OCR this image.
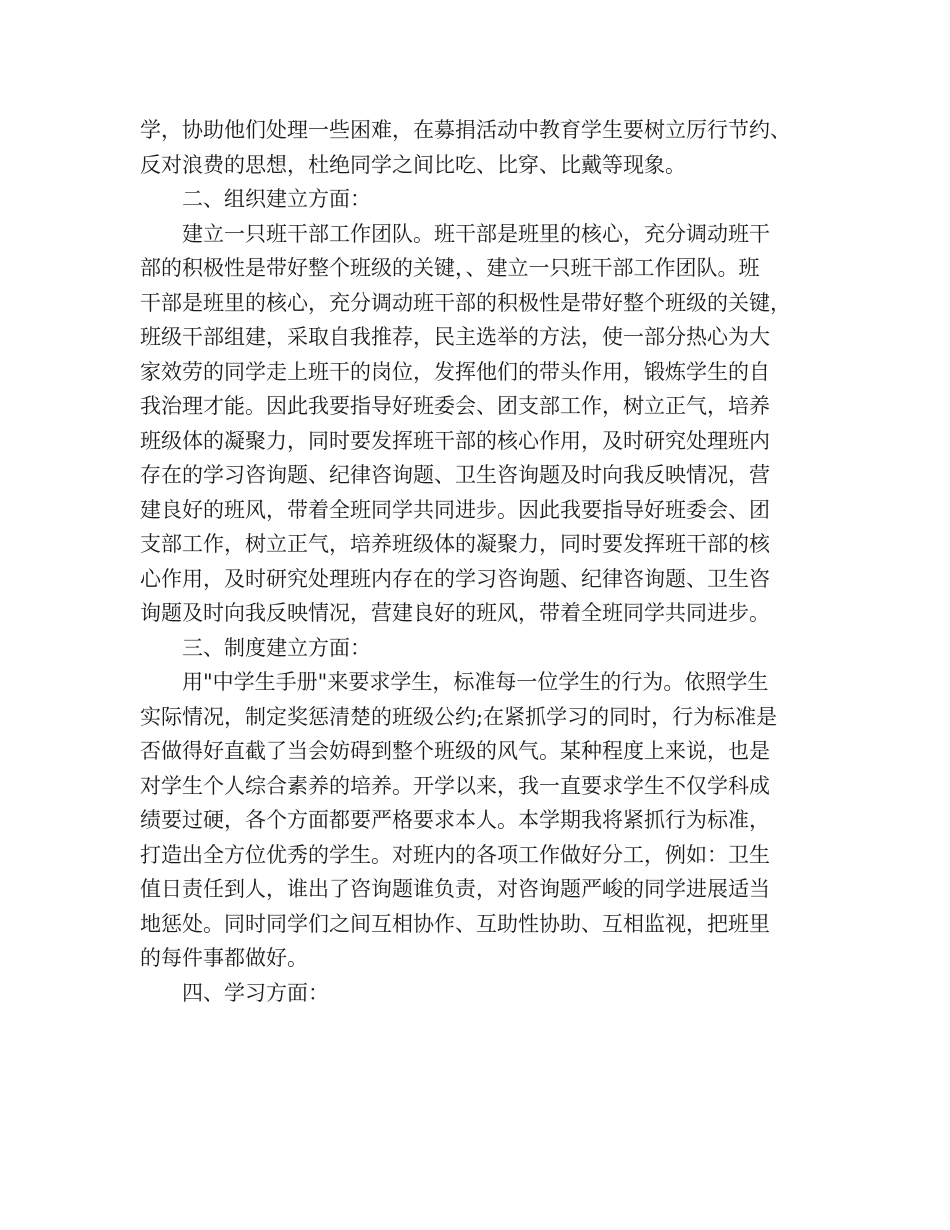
学，协助他们处理一些困难，在募捐活动中教育学生要树立厉行节约、
反对浪费的思想，杜绝同学之间比吃、比穿、比戴等现象。
二、组织建立方面：
建立一只班干部工作团队。班干部是班里的核心，充分调动班干
部的积极性是带好整个班级的关键，、建立一只班干部工作团队。班
干部是班里的核心，充分调动班干部的积极性是带好整个班级的关键，
班级干部组建，采取自我推荐，民主选举的方法，使一部分热心为大
家效劳的同学走上班干的岗位，发挥他们的带头作用，锻炼学生的自
我治理才能。因此我要指导好班委会、团支部工作，树立正气，培养
班级体的凝聚力，同时要发挥班干部的核心作用，及时研究处理班内
存在的学习咨询题、纪律咨询题、卫生咨询题及时向我反映情况，营
建良好的班风，带着全班同学共同进步。因此我要指导好班委会、团
支部工作，树立正气，培养班级体的凝聚力，同时要发挥班干部的核
心作用，及时研究处理班内存在的学习咨询题、纪律咨询题、卫生咨
询题及时向我反映情况，营建良好的班风，带着全班同学共同进步。
三、制度建立方面：
用"中学生手册"来要求学生，标准每一位学生的行为。依照学生
实际情况，制定奖惩清楚的班级公约;在紧抓学习的同时，行为标准是
否做得好直截了当会妨碍到整个班级的风气。某种程度上来说，也是
对学生个人综合素养的培养。开学以来，我一直要求学生不仅学科成
绩要过硬，各个方面都要严格要求本人。本学期我将紧抓行为标准，
打造出全方位优秀的学生。对班内的各项工作做好分工，例如：卫生
值日责任到人，谁出了咨询题谁负责，对咨询题严峻的同学进展适当
地惩处。同时同学们之间互相协作、互助性协助、互相监视，把班里
的每件事都做好。
四、学习方面：
